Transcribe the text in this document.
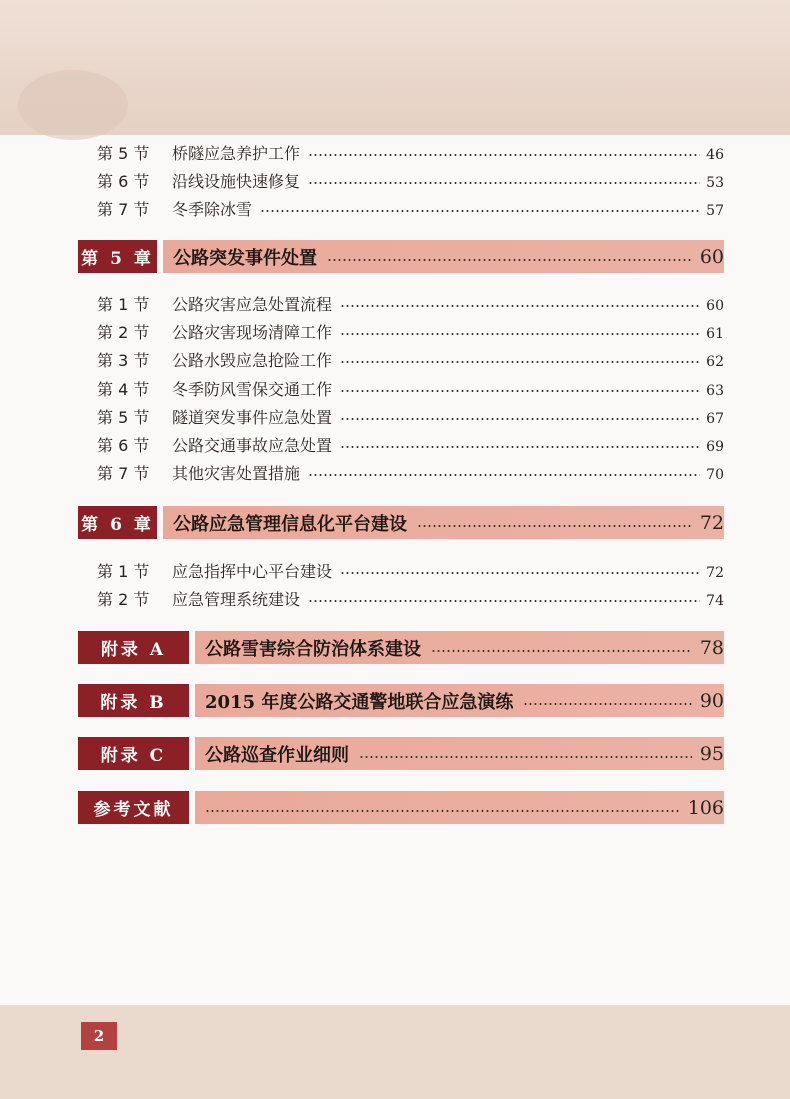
第 5 节	桥隧应急养护工作	46
第 6 节	沿线设施快速修复	53
第 7 节	冬季除冰雪	57
第 5 章 公路突发事件处置	60
第 1 节	公路灾害应急处置流程	60
第 2 节	公路灾害现场清障工作	61
第 3 节	公路水毁应急抢险工作	62
第 4 节	冬季防风雪保交通工作	63
第 5 节	隧道突发事件应急处置	67
第 6 节	公路交通事故应急处置	69
第 7 节	其他灾害处置措施	70
第 6 章 公路应急管理信息化平台建设	72
第 1 节	应急指挥中心平台建设	72
第 2 节	应急管理系统建设	74
附录 A	公路雪害综合防治体系建设	78
附录 B	2015 年度公路交通警地联合应急演练	90
附录 C	公路巡查作业细则	95
参考文献	106
2
